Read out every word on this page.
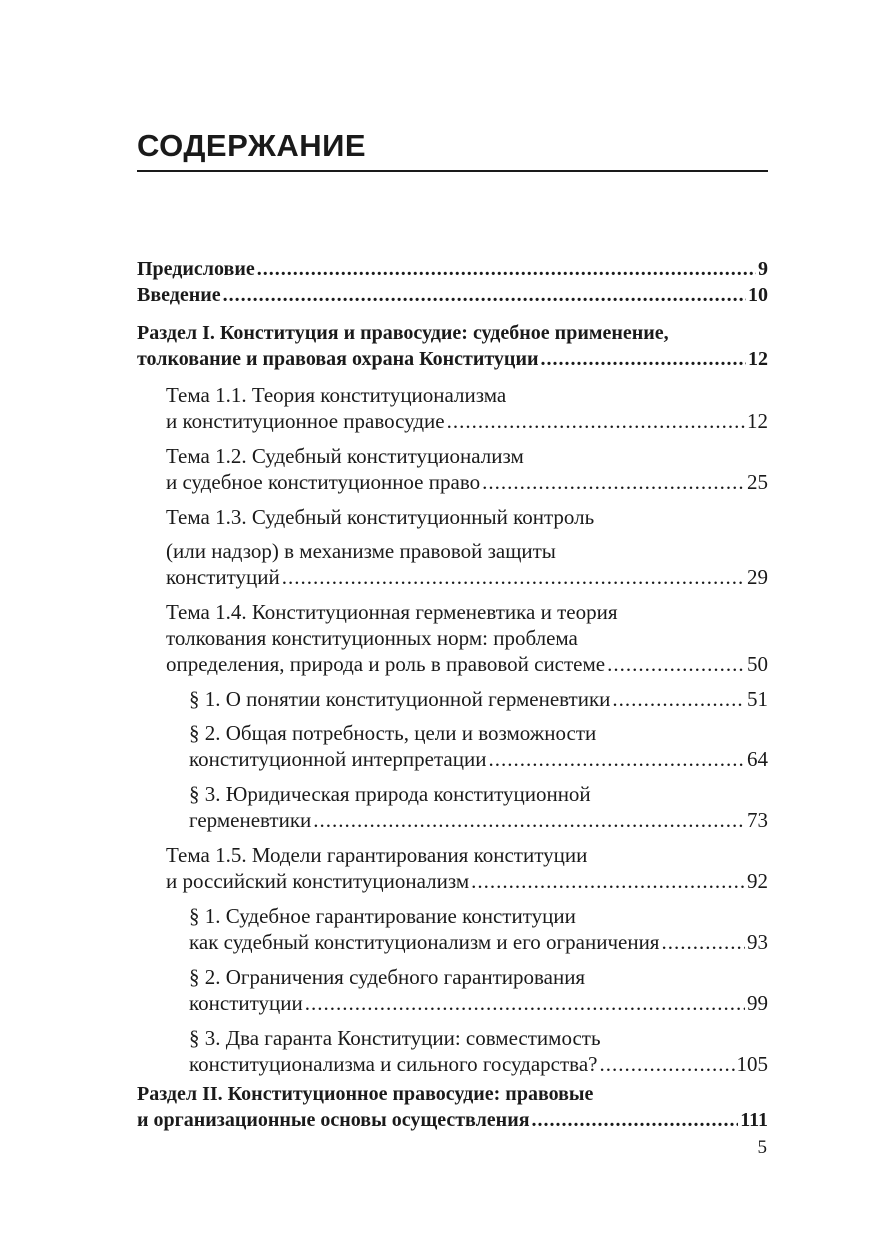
СОДЕРЖАНИЕ
Предисловие .....	9
Введение .....	10
Раздел I. Конституция и правосудие: судебное применение,
толкование и правовая охрана Конституции .....	12
Тема 1.1. Теория конституционализма
и конституционное правосудие .....	12
Тема 1.2. Судебный конституционализм
и судебное конституционное право .....	25
Тема 1.3. Судебный конституционный контроль
(или надзор) в механизме правовой защиты
конституций .....	29
Тема 1.4. Конституционная герменевтика и теория
толкования конституционных норм: проблема
определения, природа и роль в правовой системе .....	50
§ 1. О понятии конституционной герменевтики .....	51
§ 2. Общая потребность, цели и возможности
конституционной интерпретации .....	64
§ 3. Юридическая природа конституционной
герменевтики .....	73
Тема 1.5. Модели гарантирования конституции
и российский конституционализм .....	92
§ 1. Судебное гарантирование конституции
как судебный конституционализм и его ограничения .....	93
§ 2. Ограничения судебного гарантирования
конституции .....	99
§ 3. Два гаранта Конституции: совместимость
конституционализма и сильного государства? .....	105
Раздел II. Конституционное правосудие: правовые
и организационные основы осуществления .....	111
5
